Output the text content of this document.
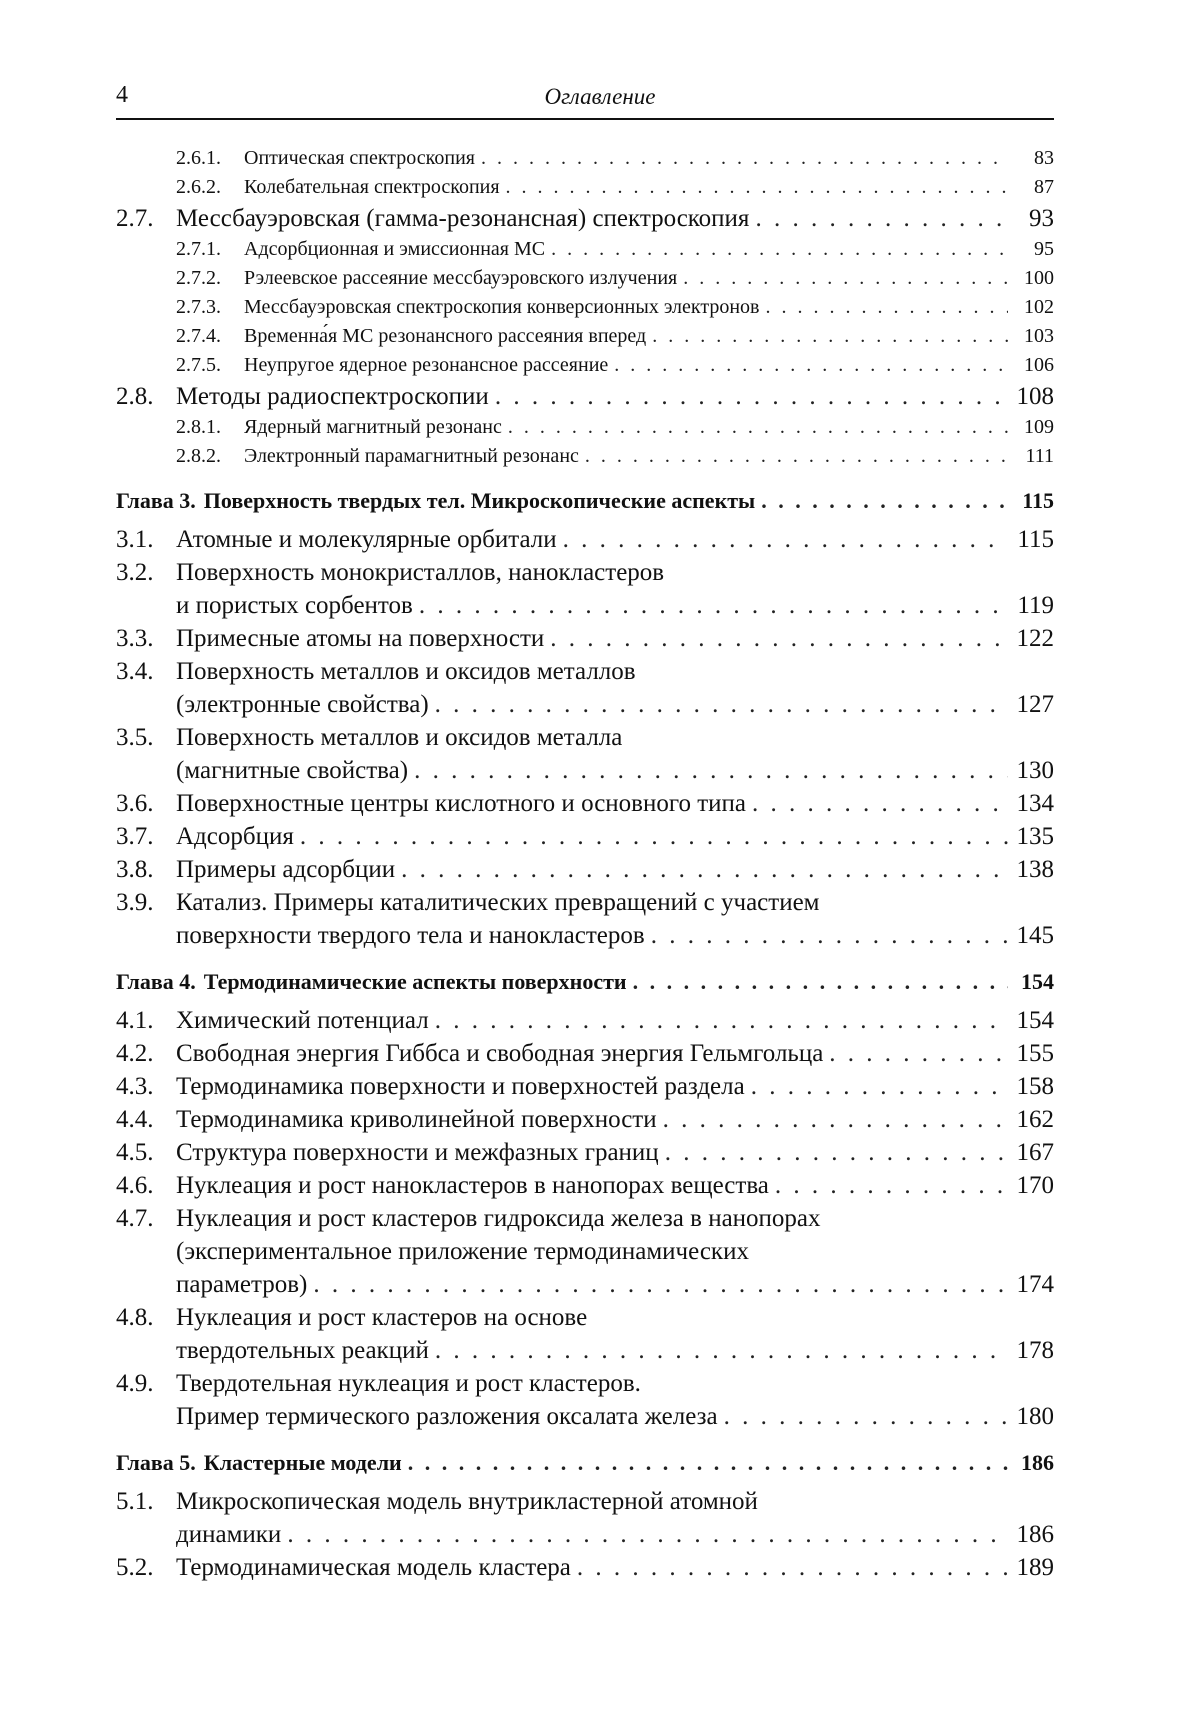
4	Оглавление
2.6.1.	Оптическая спектроскопия . . .	83
2.6.2.	Колебательная спектроскопия . . .	87
2.7. Мессбауэровская (гамма-резонансная) спектроскопия . . .	93
2.7.1.	Адсорбционная и эмиссионная МС . . .	95
2.7.2.	Рэлеевское рассеяние мессбауэровского излучения . . .	100
2.7.3.	Мессбауэровская спектроскопия конверсионных электронов . . .	102
2.7.4.	Временна́я МС резонансного рассеяния вперед . . .	103
2.7.5.	Неупругое ядерное резонансное рассеяние . . .	106
2.8. Методы радиоспектроскопии . . .	108
2.8.1.	Ядерный магнитный резонанс . . .	109
2.8.2.	Электронный парамагнитный резонанс . . .	111
Глава 3. Поверхность твердых тел. Микроскопические аспекты . . .	115
3.1. Атомные и молекулярные орбитали . . .	115
3.2. Поверхность монокристаллов, нанокластеров
и пористых сорбентов . . .	119
3.3. Примесные атомы на поверхности . . .	122
3.4. Поверхность металлов и оксидов металлов
(электронные свойства) . . .	127
3.5. Поверхность металлов и оксидов металла
(магнитные свойства) . . .	130
3.6. Поверхностные центры кислотного и основного типа . . .	134
3.7. Адсорбция . . .	135
3.8. Примеры адсорбции . . .	138
3.9. Катализ. Примеры каталитических превращений с участием
поверхности твердого тела и нанокластеров . . .	145
Глава 4. Термодинамические аспекты поверхности . . .	154
4.1. Химический потенциал . . .	154
4.2. Свободная энергия Гиббса и свободная энергия Гельмгольца . . .	155
4.3. Термодинамика поверхности и поверхностей раздела . . .	158
4.4. Термодинамика криволинейной поверхности . . .	162
4.5. Структура поверхности и межфазных границ . . .	167
4.6. Нуклеация и рост нанокластеров в нанопорах вещества . . .	170
4.7. Нуклеация и рост кластеров гидроксида железа в нанопорах
(экспериментальное приложение термодинамических
параметров) . . .	174
4.8. Нуклеация и рост кластеров на основе
твердотельных реакций . . .	178
4.9. Твердотельная нуклеация и рост кластеров.
Пример термического разложения оксалата железа . . .	180
Глава 5. Кластерные модели . . .	186
5.1. Микроскопическая модель внутрикластерной атомной
динамики . . .	186
5.2. Термодинамическая модель кластера . . .	189
